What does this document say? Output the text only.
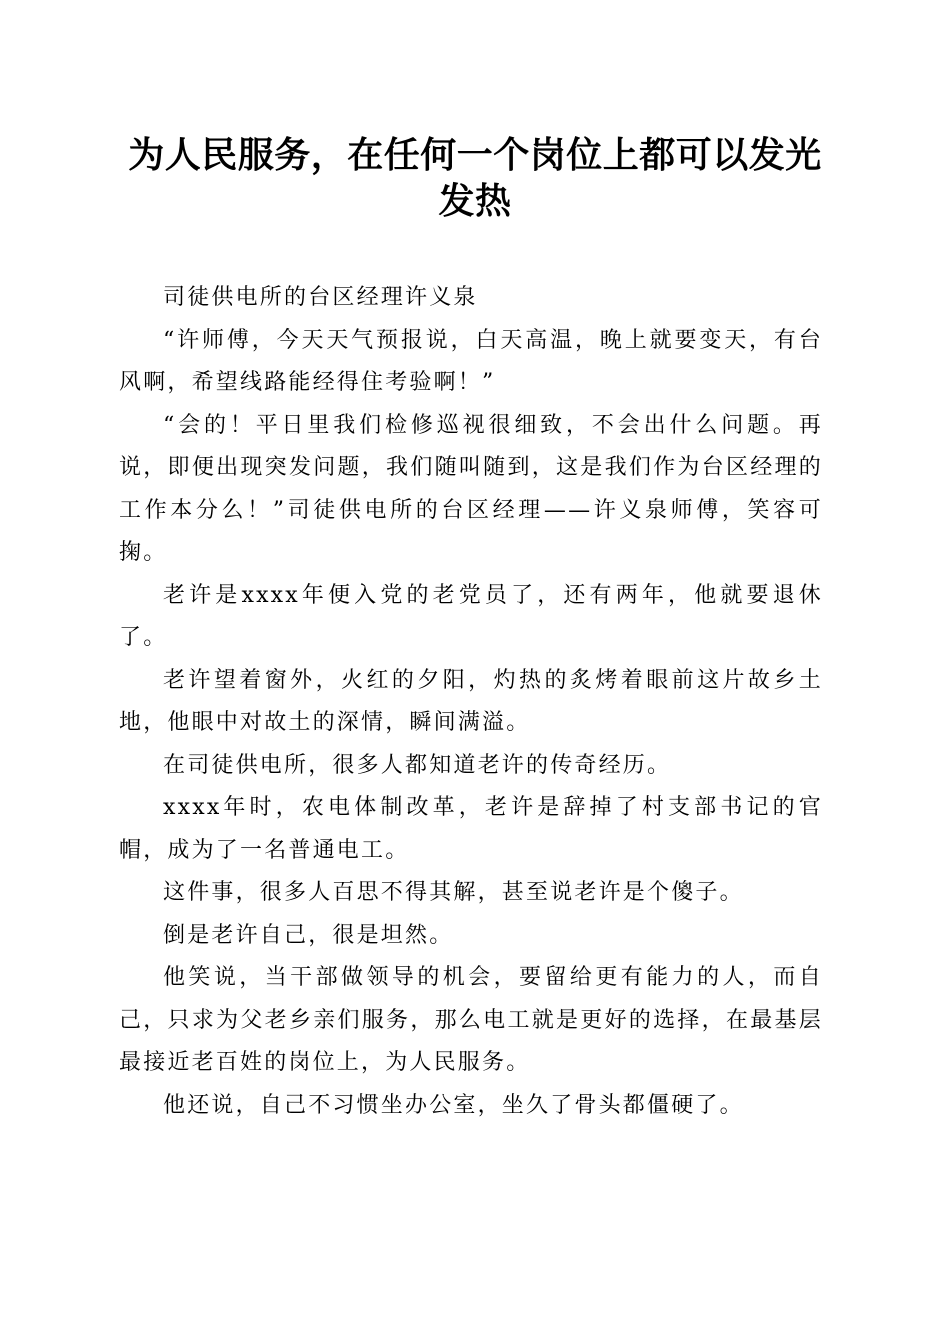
为人民服务，在任何一个岗位上都可以发光发热

司徒供电所的台区经理许义泉

“许师傅，今天天气预报说，白天高温，晚上就要变天，有台风啊，希望线路能经得住考验啊！”

“会的！平日里我们检修巡视很细致，不会出什么问题。再说，即便出现突发问题，我们随叫随到，这是我们作为台区经理的工作本分么！”司徒供电所的台区经理——许义泉师傅，笑容可掬。

老许是xxxx年便入党的老党员了，还有两年，他就要退休了。

老许望着窗外，火红的夕阳，灼热的炙烤着眼前这片故乡土地，他眼中对故土的深情，瞬间满溢。

在司徒供电所，很多人都知道老许的传奇经历。

xxxx年时，农电体制改革，老许是辞掉了村支部书记的官帽，成为了一名普通电工。

这件事，很多人百思不得其解，甚至说老许是个傻子。

倒是老许自己，很是坦然。

他笑说，当干部做领导的机会，要留给更有能力的人，而自己，只求为父老乡亲们服务，那么电工就是更好的选择，在最基层最接近老百姓的岗位上，为人民服务。

他还说，自己不习惯坐办公室，坐久了骨头都僵硬了。
